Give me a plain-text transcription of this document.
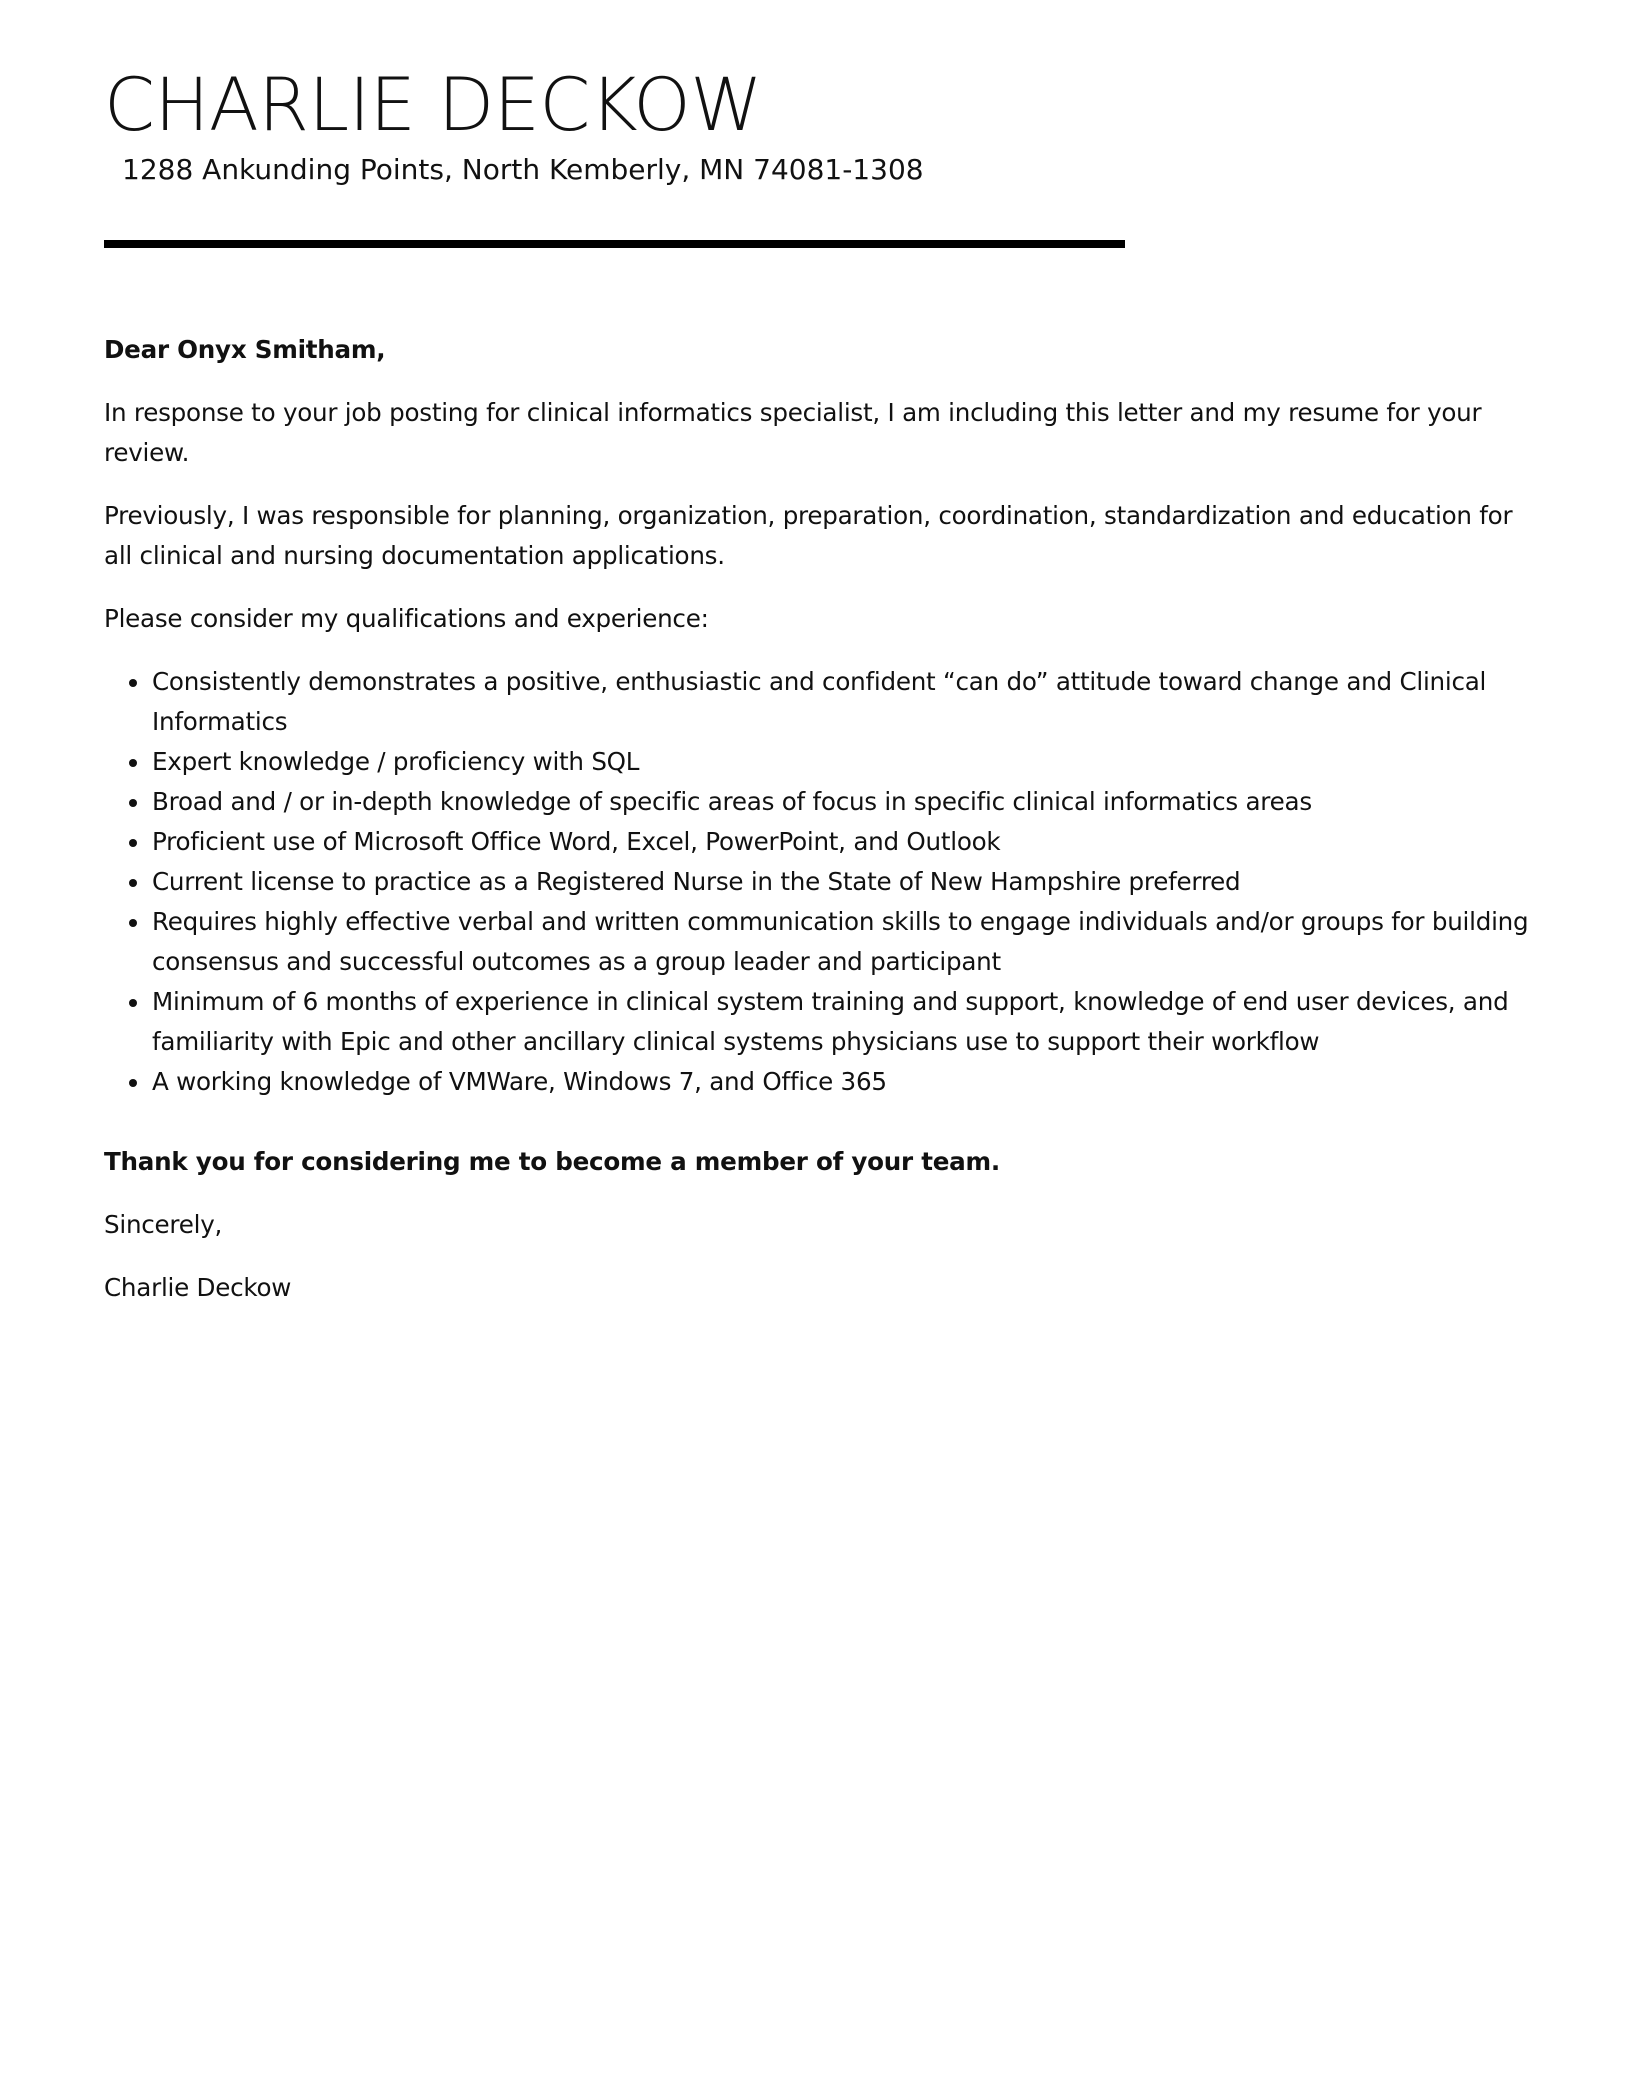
CHARLIE DECKOW
1288 Ankunding Points, North Kemberly, MN 74081-1308

Dear Onyx Smitham,

In response to your job posting for clinical informatics specialist, I am including this letter and my resume for your review.

Previously, I was responsible for planning, organization, preparation, coordination, standardization and education for all clinical and nursing documentation applications.

Please consider my qualifications and experience:

Consistently demonstrates a positive, enthusiastic and confident “can do” attitude toward change and Clinical Informatics
Expert knowledge / proficiency with SQL
Broad and / or in-depth knowledge of specific areas of focus in specific clinical informatics areas
Proficient use of Microsoft Office Word, Excel, PowerPoint, and Outlook
Current license to practice as a Registered Nurse in the State of New Hampshire preferred
Requires highly effective verbal and written communication skills to engage individuals and/or groups for building consensus and successful outcomes as a group leader and participant
Minimum of 6 months of experience in clinical system training and support, knowledge of end user devices, and familiarity with Epic and other ancillary clinical systems physicians use to support their workflow
A working knowledge of VMWare, Windows 7, and Office 365

Thank you for considering me to become a member of your team.

Sincerely,

Charlie Deckow
